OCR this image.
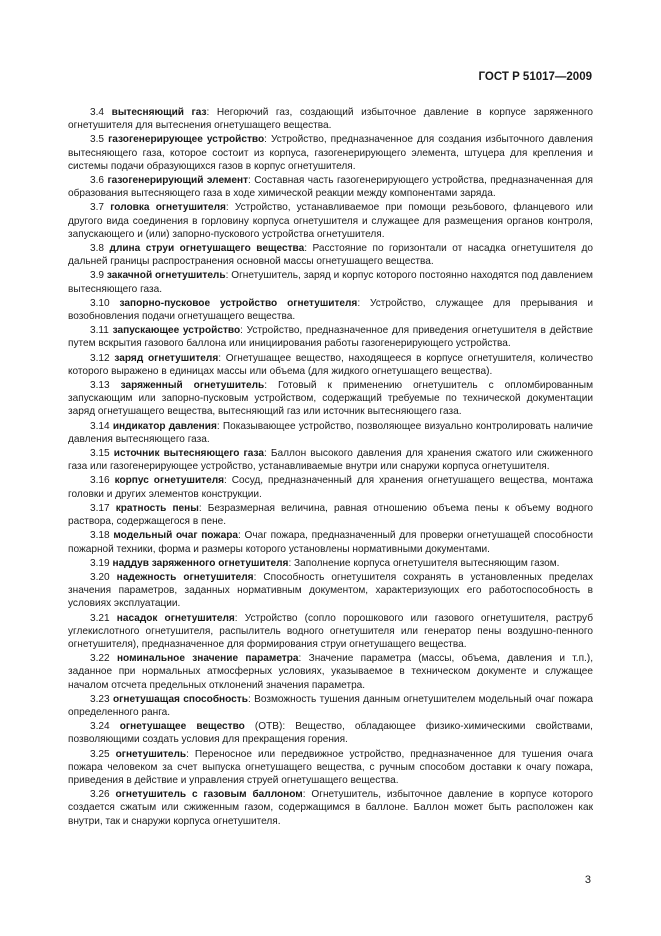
ГОСТ Р 51017—2009

3.4 вытесняющий газ: Негорючий газ, создающий избыточное давление в корпусе заряженного огнетушителя для вытеснения огнетушащего вещества.

3.5 газогенерирующее устройство: Устройство, предназначенное для создания избыточного давления вытесняющего газа, которое состоит из корпуса, газогенерирующего элемента, штуцера для крепления и системы подачи образующихся газов в корпус огнетушителя.

3.6 газогенерирующий элемент: Составная часть газогенерирующего устройства, предназначенная для образования вытесняющего газа в ходе химической реакции между компонентами заряда.

3.7 головка огнетушителя: Устройство, устанавливаемое при помощи резьбового, фланцевого или другого вида соединения в горловину корпуса огнетушителя и служащее для размещения органов контроля, запускающего и (или) запорно-пускового устройства огнетушителя.

3.8 длина струи огнетушащего вещества: Расстояние по горизонтали от насадка огнетушителя до дальней границы распространения основной массы огнетушащего вещества.

3.9 закачной огнетушитель: Огнетушитель, заряд и корпус которого постоянно находятся под давлением вытесняющего газа.

3.10 запорно-пусковое устройство огнетушителя: Устройство, служащее для прерывания и возобновления подачи огнетушащего вещества.

3.11 запускающее устройство: Устройство, предназначенное для приведения огнетушителя в действие путем вскрытия газового баллона или инициирования работы газогенерирующего устройства.

3.12 заряд огнетушителя: Огнетушащее вещество, находящееся в корпусе огнетушителя, количество которого выражено в единицах массы или объема (для жидкого огнетушащего вещества).

3.13 заряженный огнетушитель: Готовый к применению огнетушитель с опломбированным запускающим или запорно-пусковым устройством, содержащий требуемые по технической документации заряд огнетушащего вещества, вытесняющий газ или источник вытесняющего газа.

3.14 индикатор давления: Показывающее устройство, позволяющее визуально контролировать наличие давления вытесняющего газа.

3.15 источник вытесняющего газа: Баллон высокого давления для хранения сжатого или сжиженного газа или газогенерирующее устройство, устанавливаемые внутри или снаружи корпуса огнетушителя.

3.16 корпус огнетушителя: Сосуд, предназначенный для хранения огнетушащего вещества, монтажа головки и других элементов конструкции.

3.17 кратность пены: Безразмерная величина, равная отношению объема пены к объему водного раствора, содержащегося в пене.

3.18 модельный очаг пожара: Очаг пожара, предназначенный для проверки огнетушащей способности пожарной техники, форма и размеры которого установлены нормативными документами.

3.19 наддув заряженного огнетушителя: Заполнение корпуса огнетушителя вытесняющим газом.

3.20 надежность огнетушителя: Способность огнетушителя сохранять в установленных пределах значения параметров, заданных нормативным документом, характеризующих его работоспособность в условиях эксплуатации.

3.21 насадок огнетушителя: Устройство (сопло порошкового или газового огнетушителя, раструб углекислотного огнетушителя, распылитель водного огнетушителя или генератор пены воздушно-пенного огнетушителя), предназначенное для формирования струи огнетушащего вещества.

3.22 номинальное значение параметра: Значение параметра (массы, объема, давления и т.п.), заданное при нормальных атмосферных условиях, указываемое в техническом документе и служащее началом отсчета предельных отклонений значения параметра.

3.23 огнетушащая способность: Возможность тушения данным огнетушителем модельный очаг пожара определенного ранга.

3.24 огнетушащее вещество (ОТВ): Вещество, обладающее физико-химическими свойствами, позволяющими создать условия для прекращения горения.

3.25 огнетушитель: Переносное или передвижное устройство, предназначенное для тушения очага пожара человеком за счет выпуска огнетушащего вещества, с ручным способом доставки к очагу пожара, приведения в действие и управления струей огнетушащего вещества.

3.26 огнетушитель с газовым баллоном: Огнетушитель, избыточное давление в корпусе которого создается сжатым или сжиженным газом, содержащимся в баллоне. Баллон может быть расположен как внутри, так и снаружи корпуса огнетушителя.

3
